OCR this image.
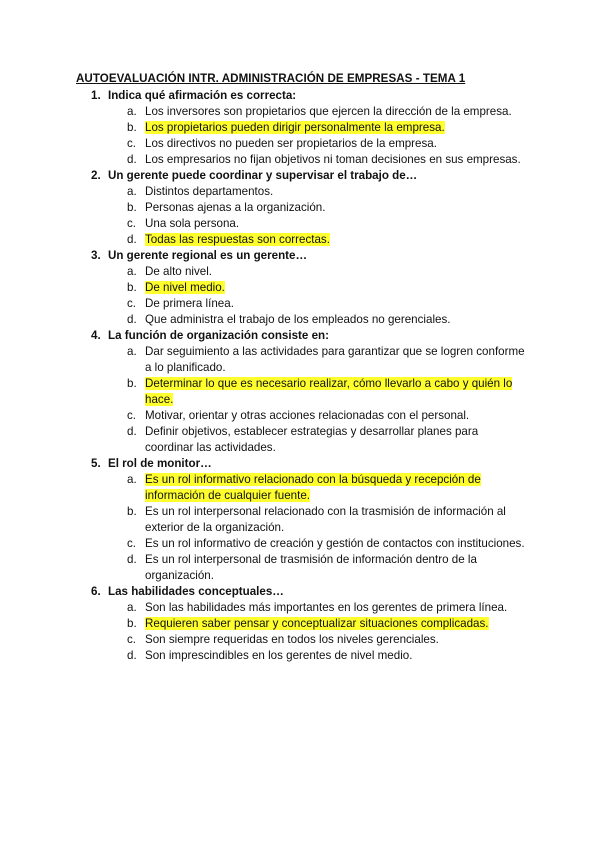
AUTOEVALUACIÓN INTR. ADMINISTRACIÓN DE EMPRESAS - TEMA 1
1. Indica qué afirmación es correcta:
a. Los inversores son propietarios que ejercen la dirección de la empresa.
b. Los propietarios pueden dirigir personalmente la empresa.
c. Los directivos no pueden ser propietarios de la empresa.
d. Los empresarios no fijan objetivos ni toman decisiones en sus empresas.
2. Un gerente puede coordinar y supervisar el trabajo de…
a. Distintos departamentos.
b. Personas ajenas a la organización.
c. Una sola persona.
d. Todas las respuestas son correctas.
3. Un gerente regional es un gerente…
a. De alto nivel.
b. De nivel medio.
c. De primera línea.
d. Que administra el trabajo de los empleados no gerenciales.
4. La función de organización consiste en:
a. Dar seguimiento a las actividades para garantizar que se logren conforme a lo planificado.
b. Determinar lo que es necesario realizar, cómo llevarlo a cabo y quién lo hace.
c. Motivar, orientar y otras acciones relacionadas con el personal.
d. Definir objetivos, establecer estrategias y desarrollar planes para coordinar las actividades.
5. El rol de monitor…
a. Es un rol informativo relacionado con la búsqueda y recepción de información de cualquier fuente.
b. Es un rol interpersonal relacionado con la trasmisión de información al exterior de la organización.
c. Es un rol informativo de creación y gestión de contactos con instituciones.
d. Es un rol interpersonal de trasmisión de información dentro de la organización.
6. Las habilidades conceptuales…
a. Son las habilidades más importantes en los gerentes de primera línea.
b. Requieren saber pensar y conceptualizar situaciones complicadas.
c. Son siempre requeridas en todos los niveles gerenciales.
d. Son imprescindibles en los gerentes de nivel medio.
